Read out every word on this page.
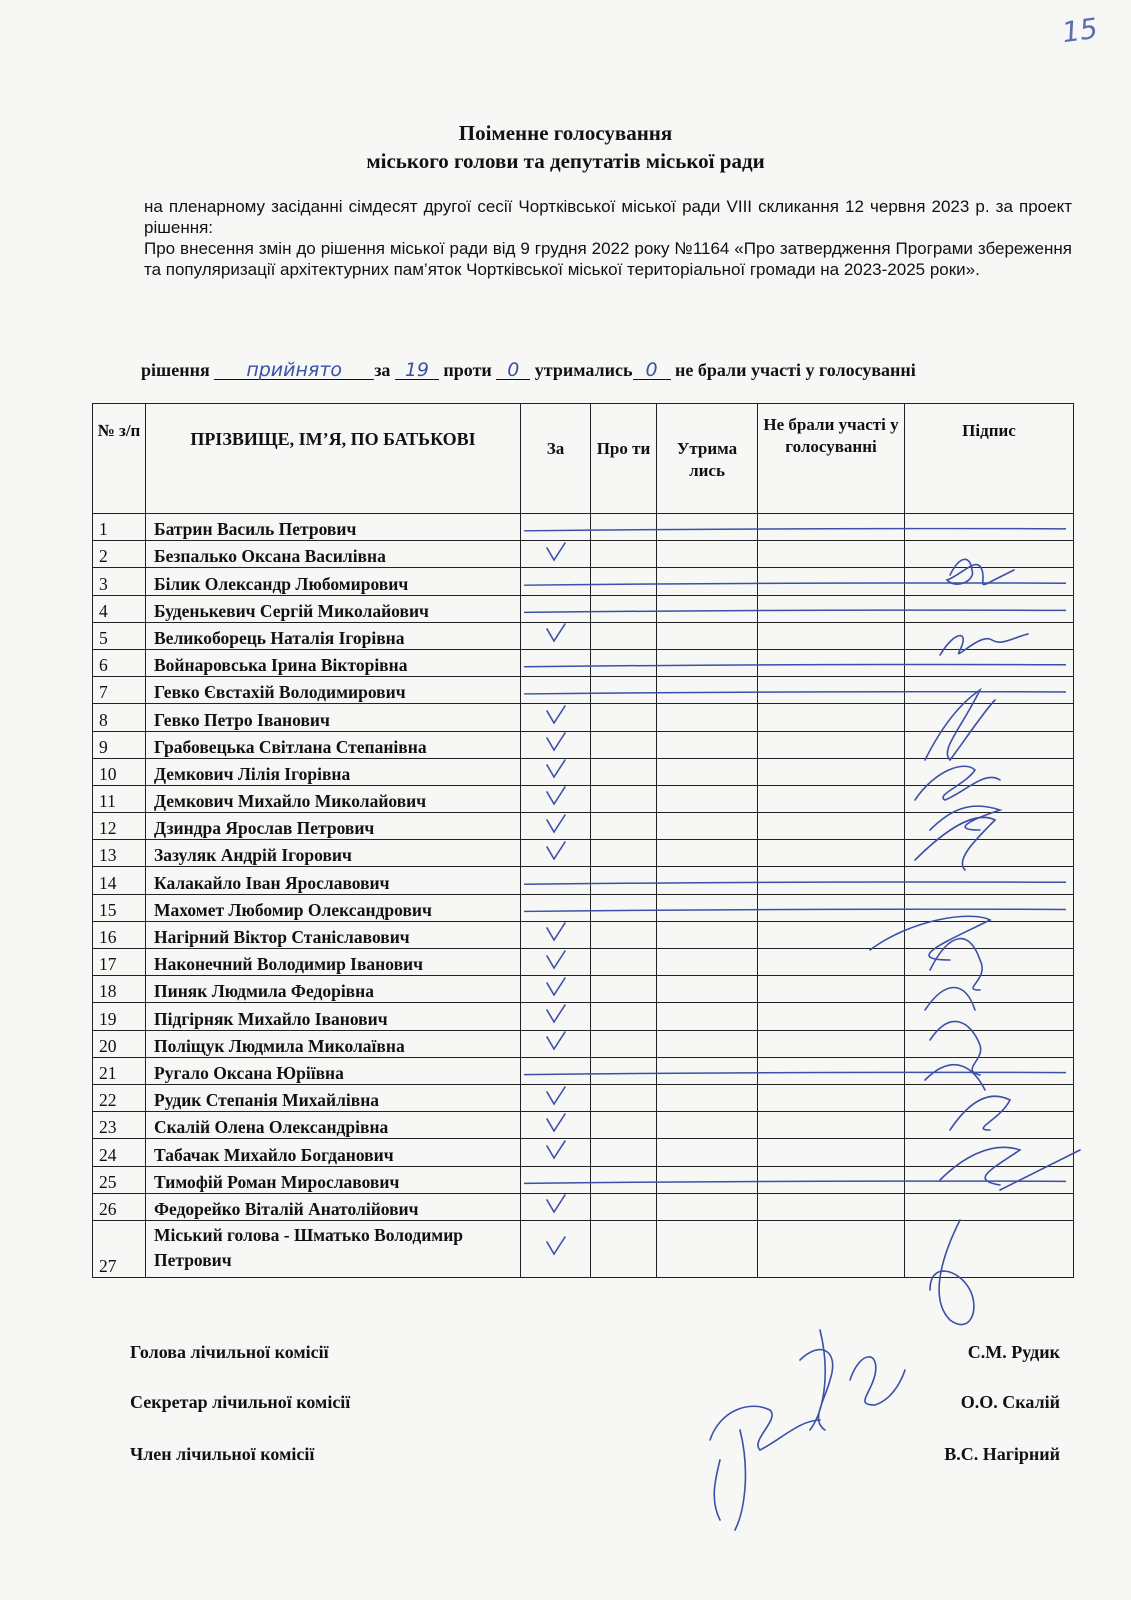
15
Поіменне голосування
міського голови та депутатів міської ради

на пленарному засіданні сімдесят другої сесії Чортківської міської ради VIII скликання 12 червня 2023 р. за проект рішення:

Про внесення змін до рішення міської ради від 9 грудня 2022 року №1164 «Про затвердження Програми збереження та популяризації архітектурних пам’яток Чортківської міської територіальної громади на 2023-2025 роки».

рішення прийнято за 19 проти 0 утримались 0 не брали участі у голосуванні
№ з/п	ПРІЗВИЩЕ, ІМ’Я, ПО БАТЬКОВІ	За	Про ти	Утрима лись	Не брали участі у голосуванні	Підпис
1	Батрин Василь Петрович					
2	Безпалько Оксана Василівна					
3	Білик Олександр Любомирович					
4	Буденькевич Сергій Миколайович					
5	Великоборець Наталія Ігорівна					
6	Войнаровська Ірина Вікторівна					
7	Гевко Євстахій Володимирович					
8	Гевко Петро Іванович					
9	Грабовецька Світлана Степанівна					
10	Демкович Лілія Ігорівна					
11	Демкович Михайло Миколайович					
12	Дзиндра Ярослав Петрович					
13	Зазуляк Андрій Ігорович					
14	Калакайло Іван Ярославович					
15	Махомет Любомир Олександрович					
16	Нагірний Віктор Станіславович					
17	Наконечний Володимир Іванович					
18	Пиняк Людмила Федорівна					
19	Підгірняк Михайло Іванович					
20	Поліщук Людмила Миколаївна					
21	Ругало Оксана Юріївна					
22	Рудик Степанія Михайлівна					
23	Скалій Олена Олександрівна					
24	Табачак Михайло Богданович					
25	Тимофій Роман Мирославович					
26	Федорейко Віталій Анатолійович					
27	Міський голова - Шматько Володимир Петрович					
Голова лічильної комісії	С.М. Рудик
Секретар лічильної комісії	О.О. Скалій
Член лічильної комісії	В.С. Нагірний
